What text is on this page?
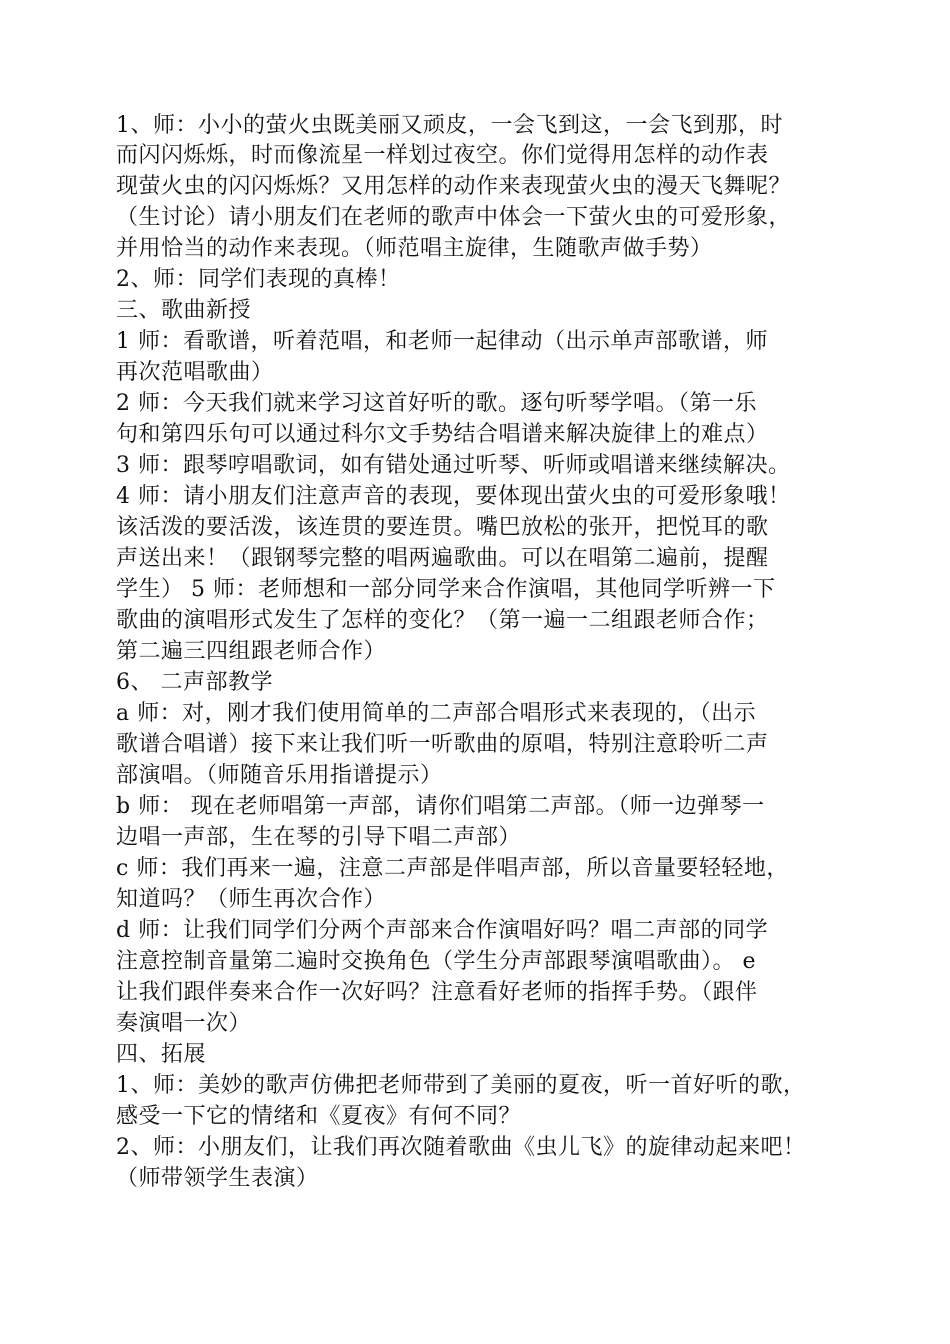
1、师：小小的萤火虫既美丽又顽皮，一会飞到这，一会飞到那，时
而闪闪烁烁，时而像流星一样划过夜空。你们觉得用怎样的动作表
现萤火虫的闪闪烁烁？又用怎样的动作来表现萤火虫的漫天飞舞呢？
（生讨论）请小朋友们在老师的歌声中体会一下萤火虫的可爱形象，
并用恰当的动作来表现。（师范唱主旋律，生随歌声做手势）
2、师：同学们表现的真棒！
三、歌曲新授
1 师：看歌谱，听着范唱，和老师一起律动（出示单声部歌谱，师
再次范唱歌曲）
2 师：今天我们就来学习这首好听的歌。逐句听琴学唱。（第一乐
句和第四乐句可以通过科尔文手势结合唱谱来解决旋律上的难点）
3 师：跟琴哼唱歌词，如有错处通过听琴、听师或唱谱来继续解决。
4 师：请小朋友们注意声音的表现，要体现出萤火虫的可爱形象哦！
该活泼的要活泼，该连贯的要连贯。嘴巴放松的张开，把悦耳的歌
声送出来！（跟钢琴完整的唱两遍歌曲。可以在唱第二遍前，提醒
学生） 5 师：老师想和一部分同学来合作演唱，其他同学听辨一下
歌曲的演唱形式发生了怎样的变化？（第一遍一二组跟老师合作；
第二遍三四组跟老师合作）
6、 二声部教学
a 师：对，刚才我们使用简单的二声部合唱形式来表现的，（出示
歌谱合唱谱）接下来让我们听一听歌曲的原唱，特别注意聆听二声
部演唱。（师随音乐用指谱提示）
b 师： 现在老师唱第一声部，请你们唱第二声部。（师一边弹琴一
边唱一声部，生在琴的引导下唱二声部）
c 师：我们再来一遍，注意二声部是伴唱声部，所以音量要轻轻地，
知道吗？（师生再次合作）
d 师：让我们同学们分两个声部来合作演唱好吗？唱二声部的同学
注意控制音量第二遍时交换角色（学生分声部跟琴演唱歌曲）。 e
让我们跟伴奏来合作一次好吗？注意看好老师的指挥手势。（跟伴
奏演唱一次）
四、拓展
1、师：美妙的歌声仿佛把老师带到了美丽的夏夜，听一首好听的歌，
感受一下它的情绪和《夏夜》有何不同？
2、师：小朋友们，让我们再次随着歌曲《虫儿飞》的旋律动起来吧！
（师带领学生表演）
